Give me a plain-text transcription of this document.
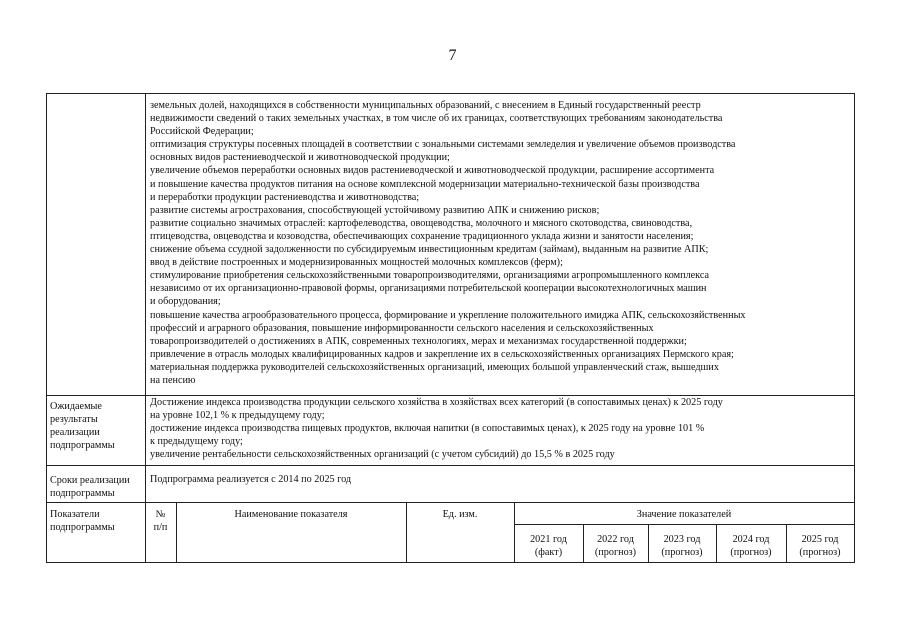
7
земельных долей, находящихся в собственности муниципальных образований, с внесением в Единый государственный реестр
недвижимости сведений о таких земельных участках, в том числе об их границах, соответствующих требованиям законодательства
Российской Федерации;
оптимизация структуры посевных площадей в соответствии с зональными системами земледелия и увеличение объемов производства
основных видов растениеводческой и животноводческой продукции;
увеличение объемов переработки основных видов растениеводческой и животноводческой продукции, расширение ассортимента
и повышение качества продуктов питания на основе комплексной модернизации материально-технической базы производства
и переработки продукции растениеводства и животноводства;
развитие системы агрострахования, способствующей устойчивому развитию АПК и снижению рисков;
развитие социально значимых отраслей: картофелеводства, овощеводства, молочного и мясного скотоводства, свиноводства,
птицеводства, овцеводства и козоводства, обеспечивающих сохранение традиционного уклада жизни и занятости населения;
снижение объема ссудной задолженности по субсидируемым инвестиционным кредитам (займам), выданным на развитие АПК;
ввод в действие построенных и модернизированных мощностей молочных комплексов (ферм);
стимулирование приобретения сельскохозяйственными товаропроизводителями, организациями агропромышленного комплекса
независимо от их организационно-правовой формы, организациями потребительской кооперации высокотехнологичных машин
и оборудования;
повышение качества агрообразовательного процесса, формирование и укрепление положительного имиджа АПК, сельскохозяйственных
профессий и аграрного образования, повышение информированности сельского населения и сельскохозяйственных
товаропроизводителей о достижениях в АПК, современных технологиях, мерах и механизмах государственной поддержки;
привлечение в отрасль молодых квалифицированных кадров и закрепление их в сельскохозяйственных организациях Пермского края;
материальная поддержка руководителей сельскохозяйственных организаций, имеющих большой управленческий стаж, вышедших
на пенсию
Ожидаемые
результаты
реализации
подпрограммы
Достижение индекса производства продукции сельского хозяйства в хозяйствах всех категорий (в сопоставимых ценах) к 2025 году
на уровне 102,1 % к предыдущему году;
достижение индекса производства пищевых продуктов, включая напитки (в сопоставимых ценах), к 2025 году на уровне 101 %
к предыдущему году;
увеличение рентабельности сельскохозяйственных организаций (с учетом субсидий) до 15,5 % в 2025 году
Сроки реализации
подпрограммы
Подпрограмма реализуется с 2014 по 2025 год
Показатели
подпрограммы
№
п/п
Наименование показателя	Ед. изм.	Значение показателей
2021 год
(факт)
2022 год
(прогноз)
2023 год
(прогноз)
2024 год
(прогноз)
2025 год
(прогноз)
